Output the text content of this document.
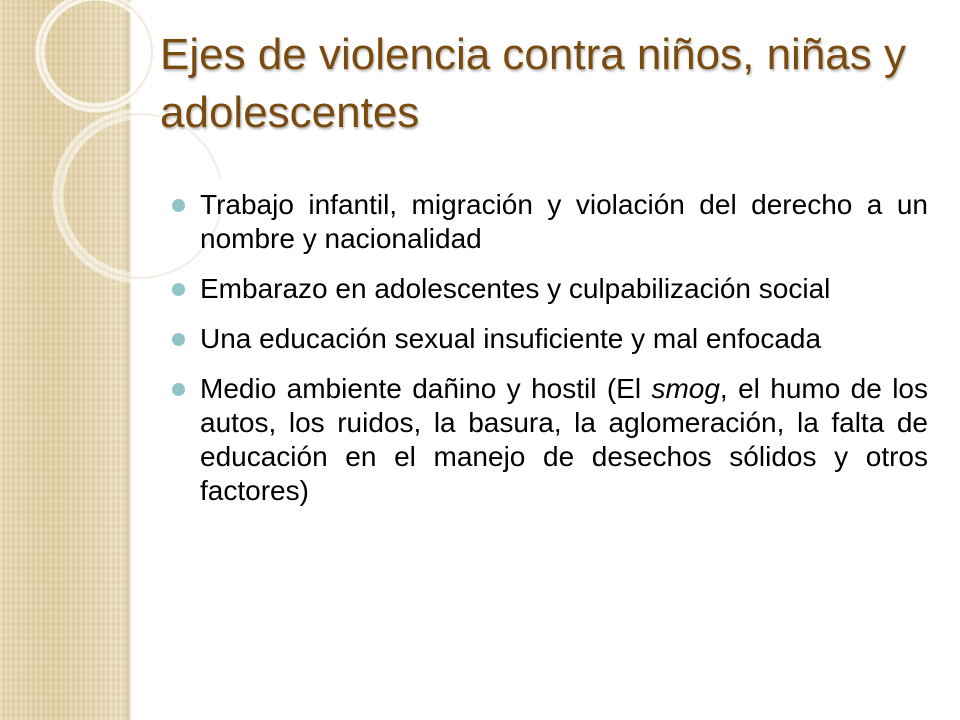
Ejes de violencia contra niños, niñas y adolescentes
Trabajo infantil, migración y violación del derecho a un nombre y nacionalidad
Embarazo en adolescentes y culpabilización social
Una educación sexual insuficiente y mal enfocada
Medio ambiente dañino y hostil (El smog, el humo de los autos, los ruidos, la basura, la aglomeración, la falta de educación en el manejo de desechos sólidos y otros factores)
